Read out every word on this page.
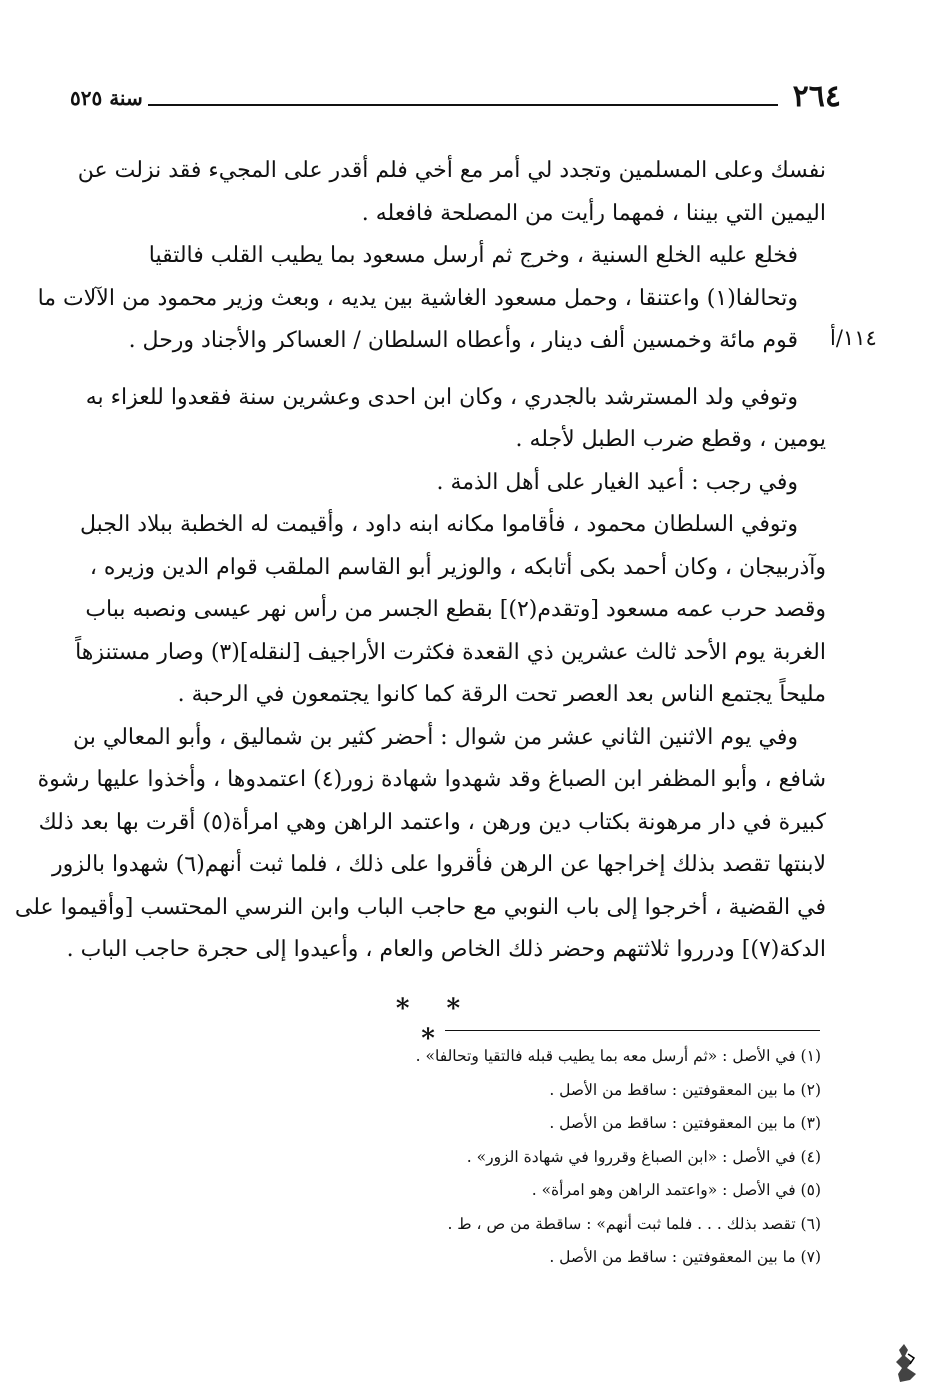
٢٦٤
سنة ٥٢٥
١١٤/أ

نفسك وعلى المسلمين وتجدد لي أمر مع أخي فلم أقدر على المجيء فقد نزلت عن
اليمين التي بيننا ، فمهما رأيت من المصلحة فافعله .

فخلع عليه الخلع السنية ، وخرج ثم أرسل مسعود بما يطيب القلب فالتقيا
وتحالفا(١) واعتنقا ، وحمل مسعود الغاشية بين يديه ، وبعث وزير محمود من الآلات ما
قوم مائة وخمسين ألف دينار ، وأعطاه السلطان / العساكر والأجناد ورحل .

وتوفي ولد المسترشد بالجدري ، وكان ابن احدى وعشرين سنة فقعدوا للعزاء به
يومين ، وقطع ضرب الطبل لأجله .

وفي رجب : أعيد الغيار على أهل الذمة .

وتوفي السلطان محمود ، فأقاموا مكانه ابنه داود ، وأقيمت له الخطبة ببلاد الجبل
وآذربيجان ، وكان أحمد بكى أتابكه ، والوزير أبو القاسم الملقب قوام الدين وزيره ،
وقصد حرب عمه مسعود [وتقدم(٢)] بقطع الجسر من رأس نهر عيسى ونصبه بباب
الغربة يوم الأحد ثالث عشرين ذي القعدة فكثرت الأراجيف [لنقله](٣) وصار مستنزهاً
مليحاً يجتمع الناس بعد العصر تحت الرقة كما كانوا يجتمعون في الرحبة .

وفي يوم الاثنين الثاني عشر من شوال : أحضر كثير بن شماليق ، وأبو المعالي بن
شافع ، وأبو المظفر ابن الصباغ وقد شهدوا شهادة زور(٤) اعتمدوها ، وأخذوا عليها رشوة
كبيرة في دار مرهونة بكتاب دين ورهن ، واعتمد الراهن وهي امرأة(٥) أقرت بها بعد ذلك
لابنتها تقصد بذلك إخراجها عن الرهن فأقروا على ذلك ، فلما ثبت أنهم(٦) شهدوا بالزور
في القضية ، أخرجوا إلى باب النوبي مع حاجب الباب وابن النرسي المحتسب [وأقيموا على
الدكة(٧)] ودرروا ثلاثتهم وحضر ذلك الخاص والعام ، وأعيدوا إلى حجرة حاجب الباب .

* * *
(١) في الأصل : «ثم أرسل معه بما يطيب قبله فالتقيا وتحالفا» .
(٢) ما بين المعقوفتين : ساقط من الأصل .
(٣) ما بين المعقوفتين : ساقط من الأصل .
(٤) في الأصل : «ابن الصباغ وقرروا في شهادة الزور» .
(٥) في الأصل : «واعتمد الراهن وهو امرأة» .
(٦) تقصد بذلك . . . فلما ثبت أنهم» : ساقطة من ص ، ط .
(٧) ما بين المعقوفتين : ساقط من الأصل .
